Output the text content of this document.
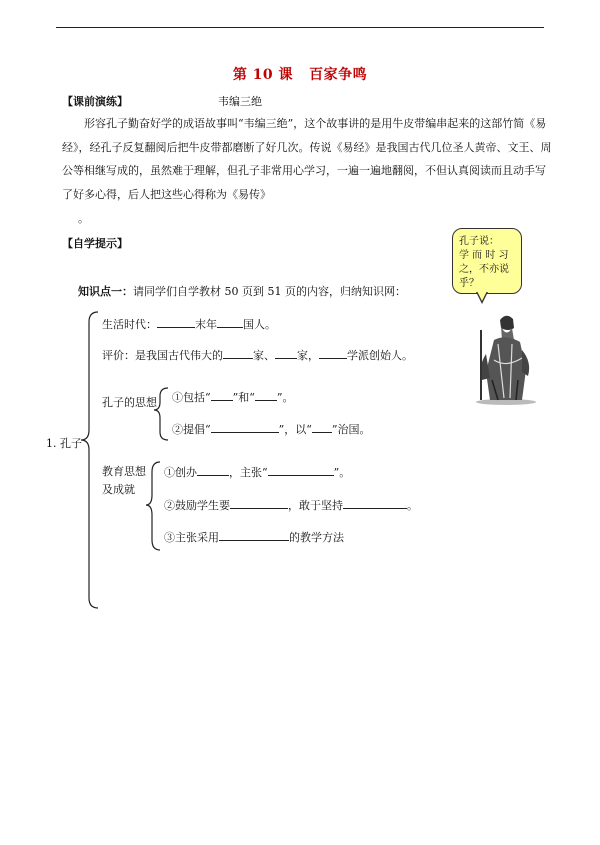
第 10 课 百家争鸣
【课前演练】	韦编三绝
形容孔子勤奋好学的成语故事叫“韦编三绝”，这个故事讲的是用牛皮带编串起来的这部竹简《易经》，经孔子反复翻阅后把牛皮带都磨断了好几次。传说《易经》是我国古代几位圣人黄帝、文王、周公等相继写成的，虽然难于理解，但孔子非常用心学习，一遍一遍地翻阅，不但认真阅读而且动手写了好多心得，后人把这些心得称为《易传》
。
【自学提示】
知识点一：请同学们自学教材 50 页到 51 页的内容，归纳知识网：
孔子说：
学 而 时 习
之，不亦说
乎？
1. 孔子
生活时代：	末年 国人。
评价：是我国古代伟大的	家、 家，	学派创始人。
孔子的思想 ①包括“ ”和“ ”。
②提倡“	”，以“ ”治国。
教育思想
及成就
①创办	，主张“	”。
②鼓励学生要	，敢于坚持	。
③主张采用	的教学方法
